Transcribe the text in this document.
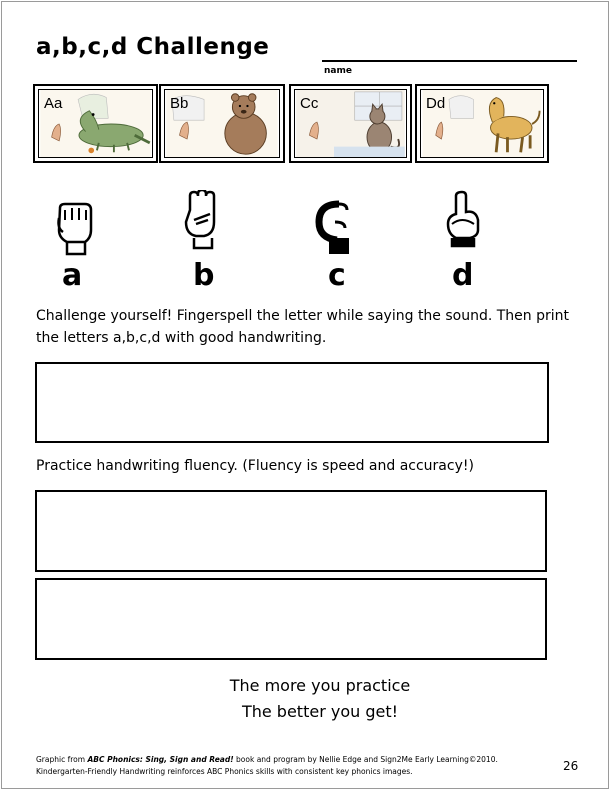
a,b,c,d Challenge
name
Aa	Bb	Cc	Dd
a	b	c	d
Challenge yourself! Fingerspell the letter while saying the sound. Then print the letters a,b,c,d with good handwriting.
Practice handwriting fluency. (Fluency is speed and accuracy!)
The more you practice
The better you get!
Graphic from ABC Phonics: Sing, Sign and Read! book and program by Nellie Edge and Sign2Me Early Learning©2010.
Kindergarten-Friendly Handwriting reinforces ABC Phonics skills with consistent key phonics images.	26
